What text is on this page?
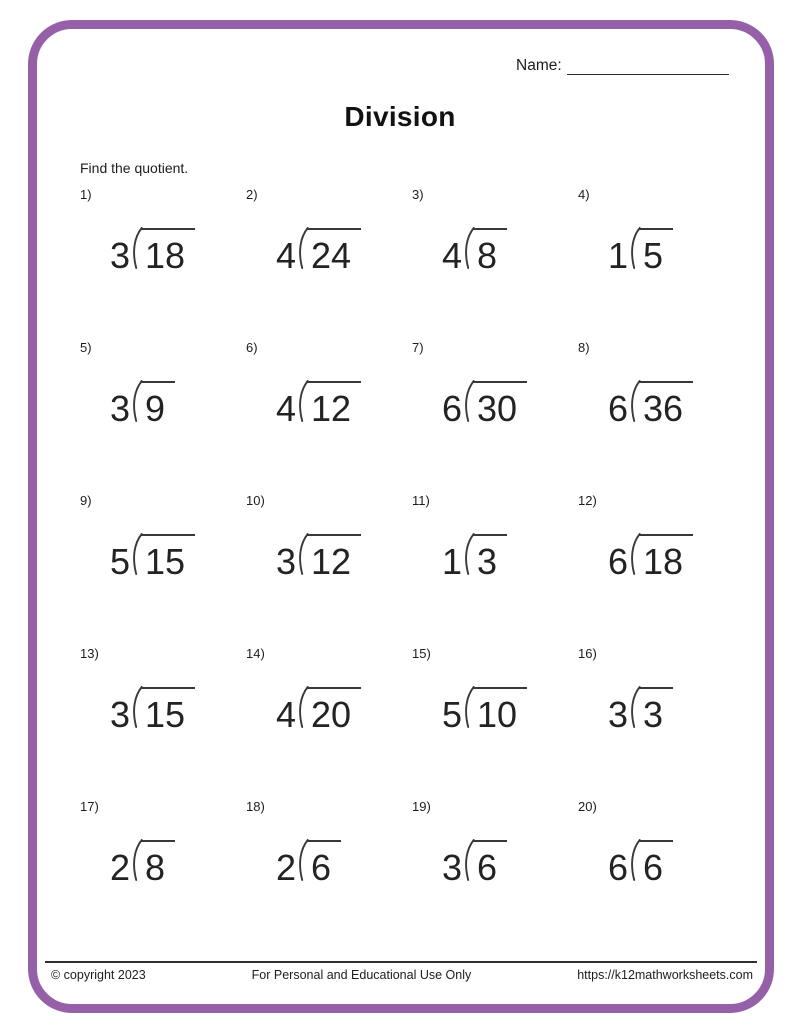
Name:
Division
Find the quotient.
1)
3 18
2)
4 24
3)
4 8
4)
1 5
5)
3 9
6)
4 12
7)
6 30
8)
6 36
9)
5 15
10)
3 12
11)
1 3
12)
6 18
13)
3 15
14)
4 20
15)
5 10
16)
3 3
17)
2 8
18)
2 6
19)
3 6
20)
6 6
© copyright 2023	For Personal and Educational Use Only	https://k12mathworksheets.com
